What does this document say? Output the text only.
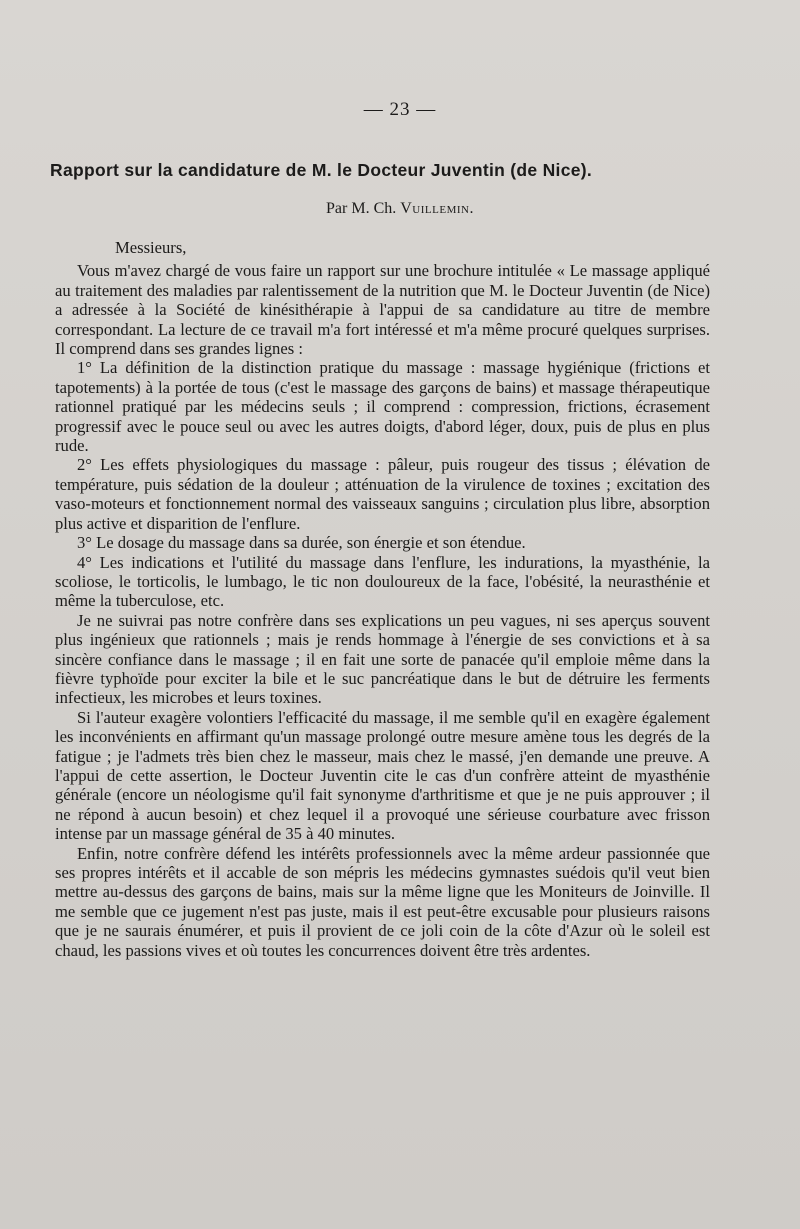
— 23 —
Rapport sur la candidature de M. le Docteur Juventin (de Nice).
Par M. Ch. Vuillemin.

Messieurs,

Vous m'avez chargé de vous faire un rapport sur une brochure intitulée « Le massage appliqué au traitement des maladies par ralentissement de la nutrition que M. le Docteur Juventin (de Nice) a adressée à la Société de kinésithérapie à l'appui de sa candidature au titre de membre correspondant. La lecture de ce travail m'a fort intéressé et m'a même procuré quelques surprises. Il comprend dans ses grandes lignes :

1° La définition de la distinction pratique du massage : massage hygiénique (frictions et tapotements) à la portée de tous (c'est le massage des garçons de bains) et massage thérapeutique rationnel pratiqué par les médecins seuls ; il comprend : compression, frictions, écrasement progressif avec le pouce seul ou avec les autres doigts, d'abord léger, doux, puis de plus en plus rude.

2° Les effets physiologiques du massage : pâleur, puis rougeur des tissus ; élévation de température, puis sédation de la douleur ; atténuation de la virulence de toxines ; excitation des vaso-moteurs et fonctionnement normal des vaisseaux sanguins ; circulation plus libre, absorption plus active et disparition de l'enflure.

3° Le dosage du massage dans sa durée, son énergie et son étendue.

4° Les indications et l'utilité du massage dans l'enflure, les indurations, la myasthénie, la scoliose, le torticolis, le lumbago, le tic non douloureux de la face, l'obésité, la neurasthénie et même la tuberculose, etc.

Je ne suivrai pas notre confrère dans ses explications un peu vagues, ni ses aperçus souvent plus ingénieux que rationnels ; mais je rends hommage à l'énergie de ses convictions et à sa sincère confiance dans le massage ; il en fait une sorte de panacée qu'il emploie même dans la fièvre typhoïde pour exciter la bile et le suc pancréatique dans le but de détruire les ferments infectieux, les microbes et leurs toxines.

Si l'auteur exagère volontiers l'efficacité du massage, il me semble qu'il en exagère également les inconvénients en affirmant qu'un massage prolongé outre mesure amène tous les degrés de la fatigue ; je l'admets très bien chez le masseur, mais chez le massé, j'en demande une preuve. A l'appui de cette assertion, le Docteur Juventin cite le cas d'un confrère atteint de myasthénie générale (encore un néologisme qu'il fait synonyme d'arthritisme et que je ne puis approuver ; il ne répond à aucun besoin) et chez lequel il a provoqué une sérieuse courbature avec frisson intense par un massage général de 35 à 40 minutes.

Enfin, notre confrère défend les intérêts professionnels avec la même ardeur passionnée que ses propres intérêts et il accable de son mépris les médecins gymnastes suédois qu'il veut bien mettre au-dessus des garçons de bains, mais sur la même ligne que les Moniteurs de Joinville. Il me semble que ce jugement n'est pas juste, mais il est peut-être excusable pour plusieurs raisons que je ne saurais énumérer, et puis il provient de ce joli coin de la côte d'Azur où le soleil est chaud, les passions vives et où toutes les concurrences doivent être très ardentes.
